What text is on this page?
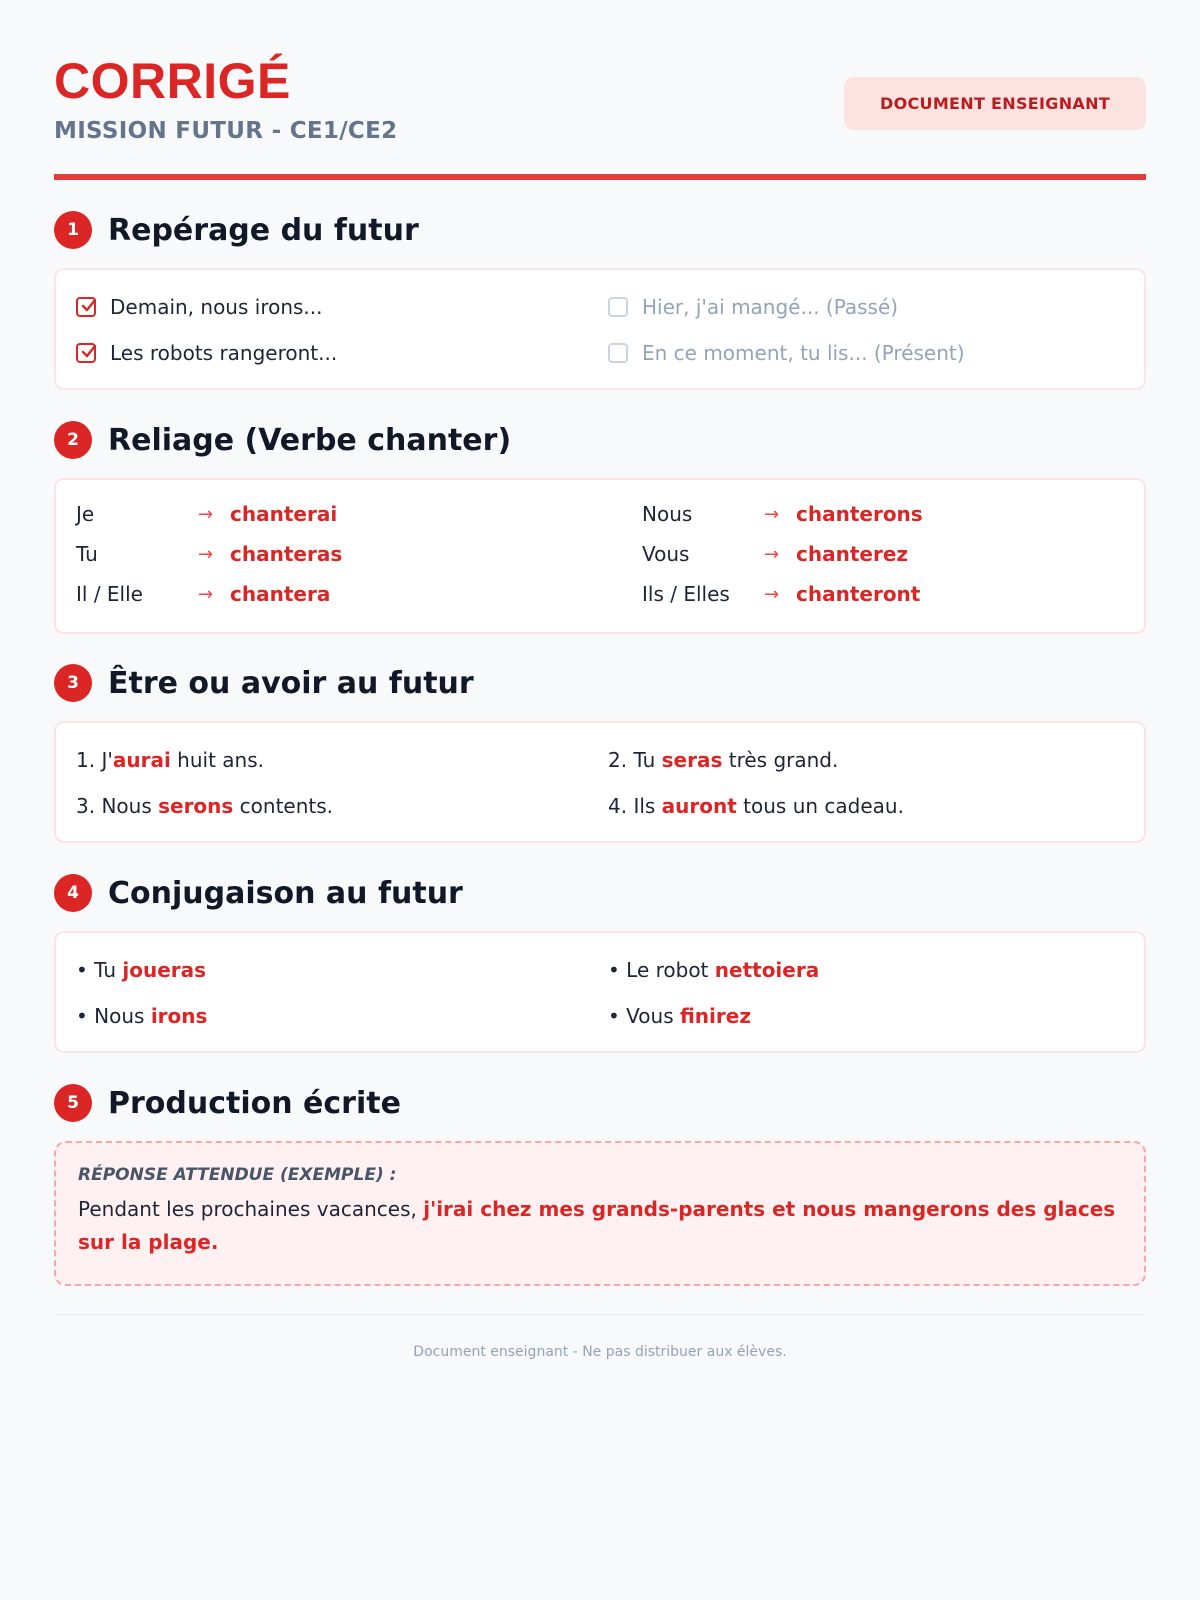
CORRIGÉ
MISSION FUTUR - CE1/CE2
DOCUMENT ENSEIGNANT
1 Repérage du futur
Demain, nous irons...	Hier, j'ai mangé... (Passé)
Les robots rangeront...	En ce moment, tu lis... (Présent)
2 Reliage (Verbe chanter)
Je	→ chanterai
Tu	→ chanteras
Il / Elle	→ chantera
Nous	→ chanterons
Vous	→ chanterez
Ils / Elles	→ chanteront
3 Être ou avoir au futur
1. J' aurai huit ans.	2. Tu seras très grand.
3. Nous serons contents.	4. Ils auront tous un cadeau.
4 Conjugaison au futur
• Tu joueras	• Le robot nettoiera
• Nous irons	• Vous finirez
5 Production écrite
RÉPONSE ATTENDUE (EXEMPLE) :
Pendant les prochaines vacances, j'irai chez mes grands-parents et nous mangerons des glaces sur la plage.
Document enseignant - Ne pas distribuer aux élèves.
